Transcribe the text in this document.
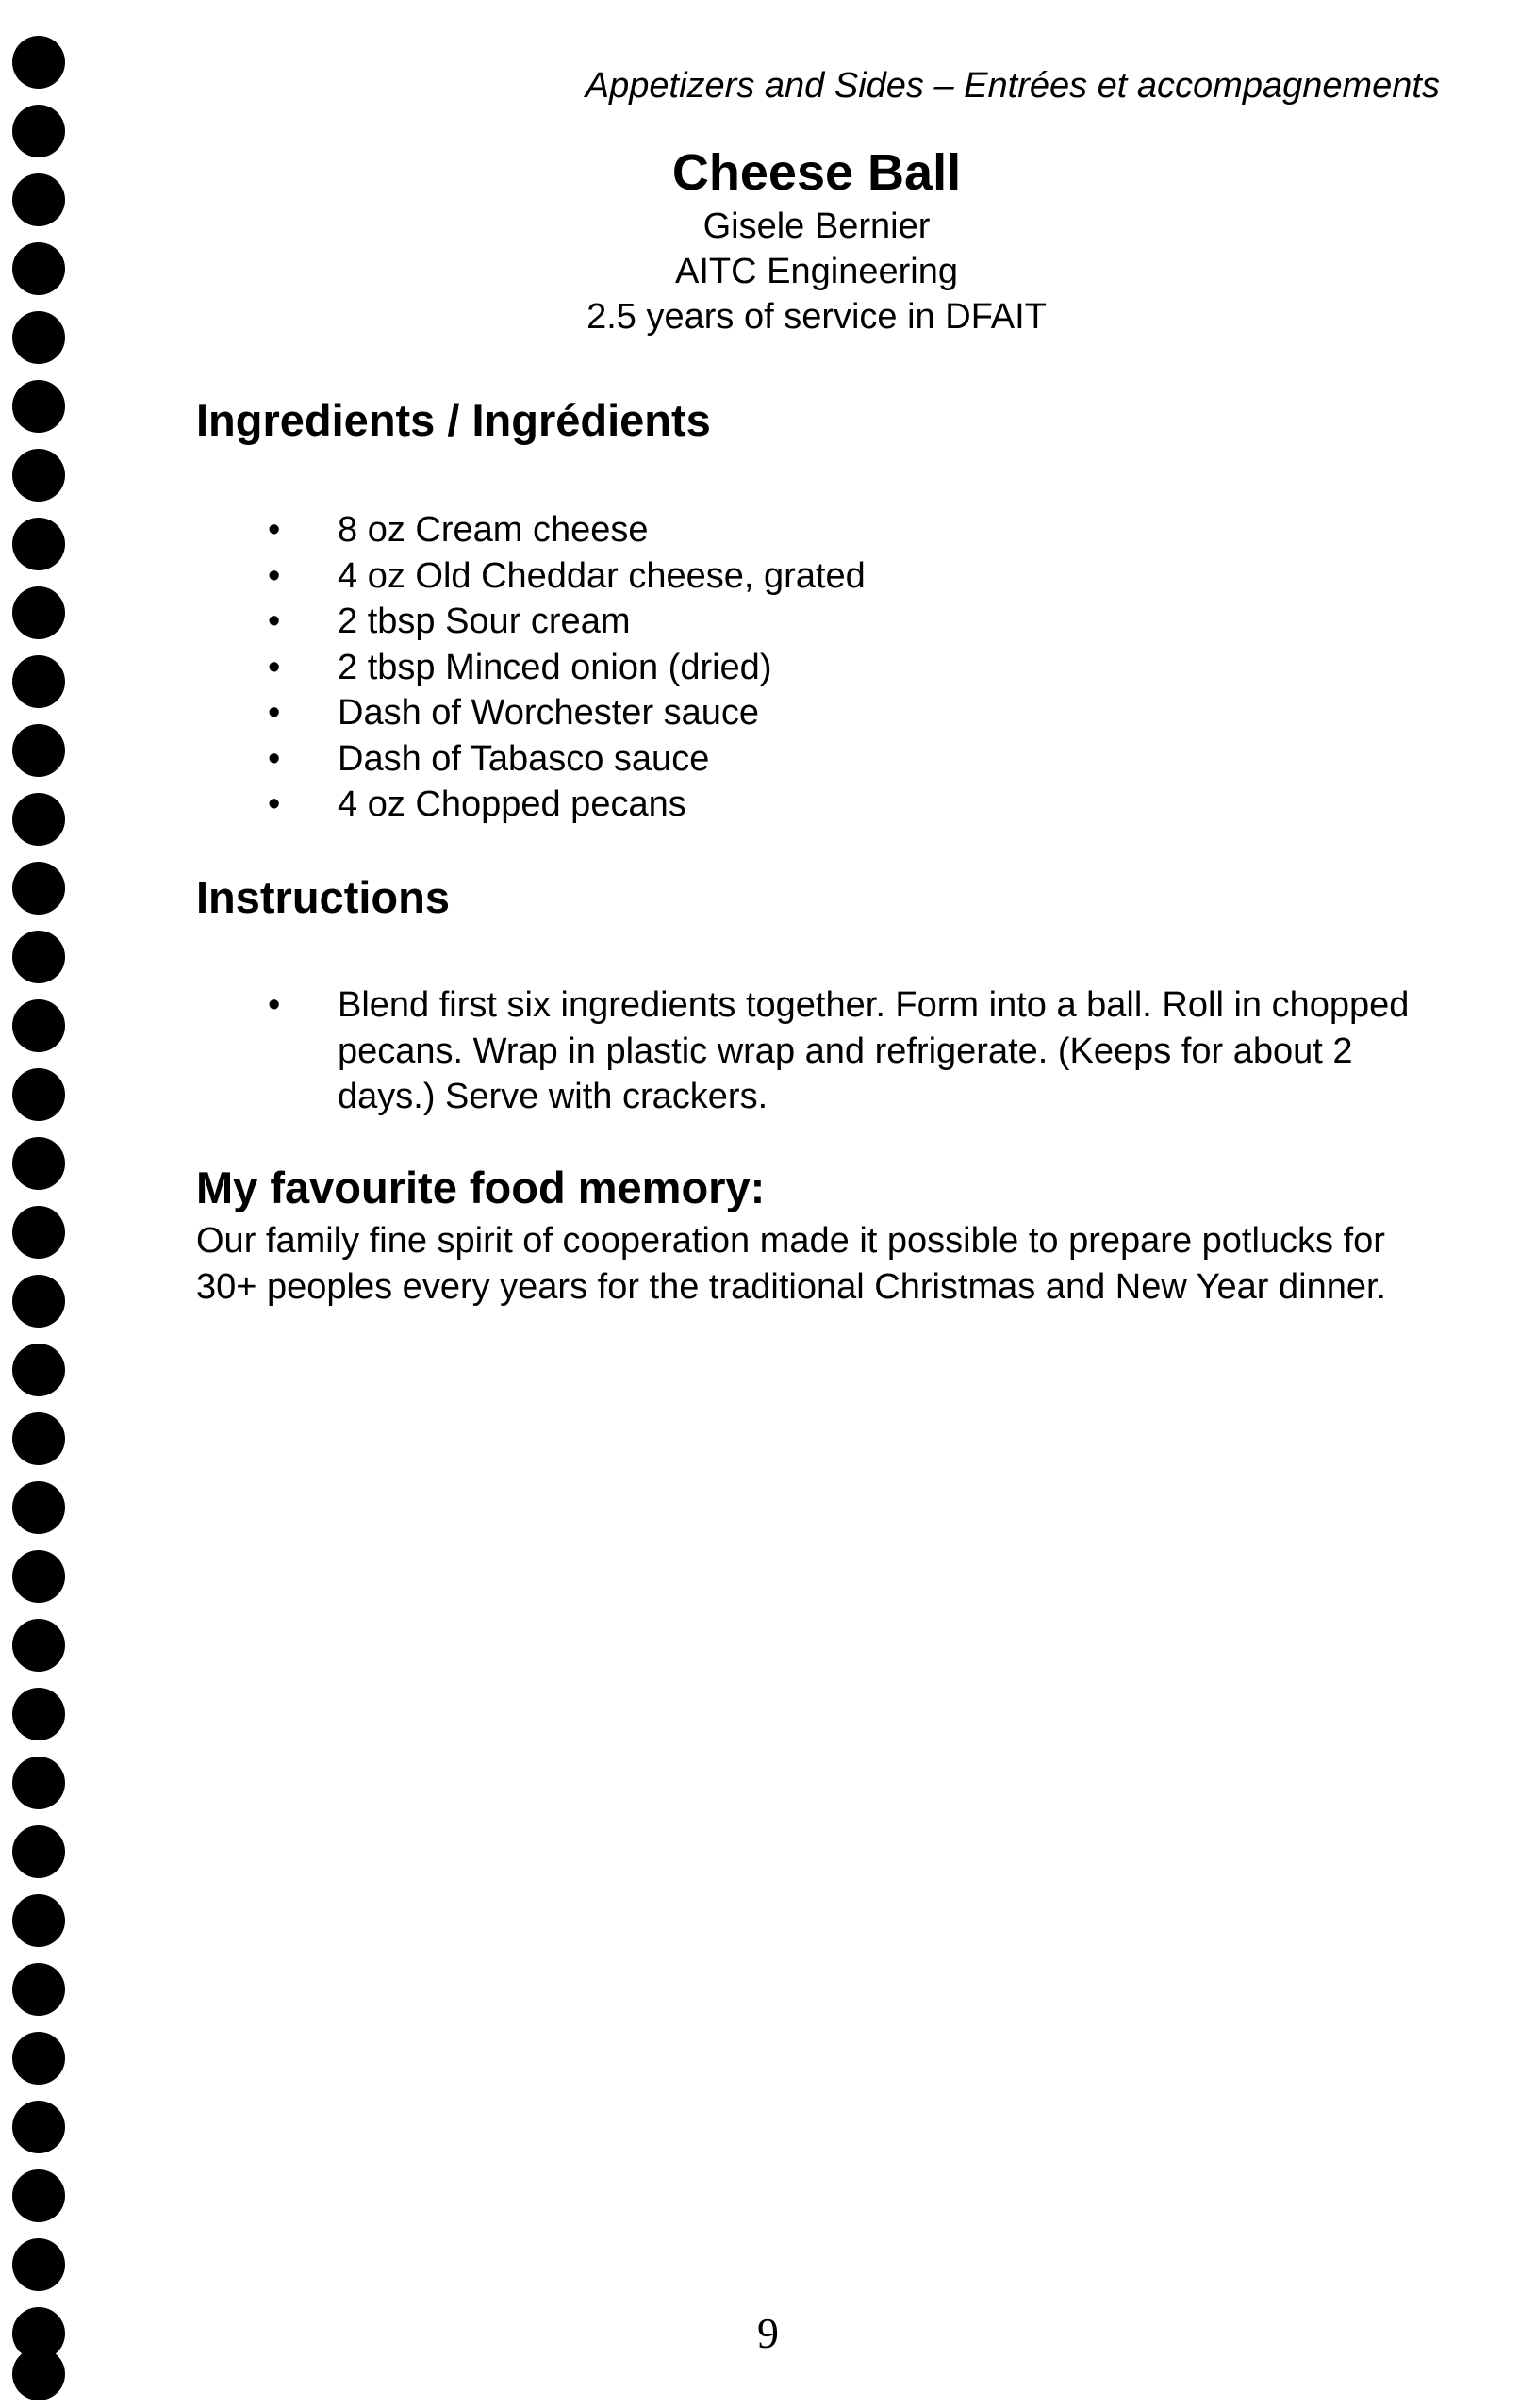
Appetizers and Sides – Entrées et accompagnements
Cheese Ball

Gisele Bernier

AITC Engineering

2.5 years of service in DFAIT

Ingredients / Ingrédients
• 8 oz Cream cheese
• 4 oz Old Cheddar cheese, grated
• 2 tbsp Sour cream
• 2 tbsp Minced onion (dried)
• Dash of Worchester sauce
• Dash of Tabasco sauce
• 4 oz Chopped pecans
Instructions
• Blend first six ingredients together. Form into a ball. Roll in chopped pecans. Wrap in plastic wrap and refrigerate. (Keeps for about 2 days.) Serve with crackers.
My favourite food memory:

Our family fine spirit of cooperation made it possible to prepare potlucks for 30+ peoples every years for the traditional Christmas and New Year dinner.

9
